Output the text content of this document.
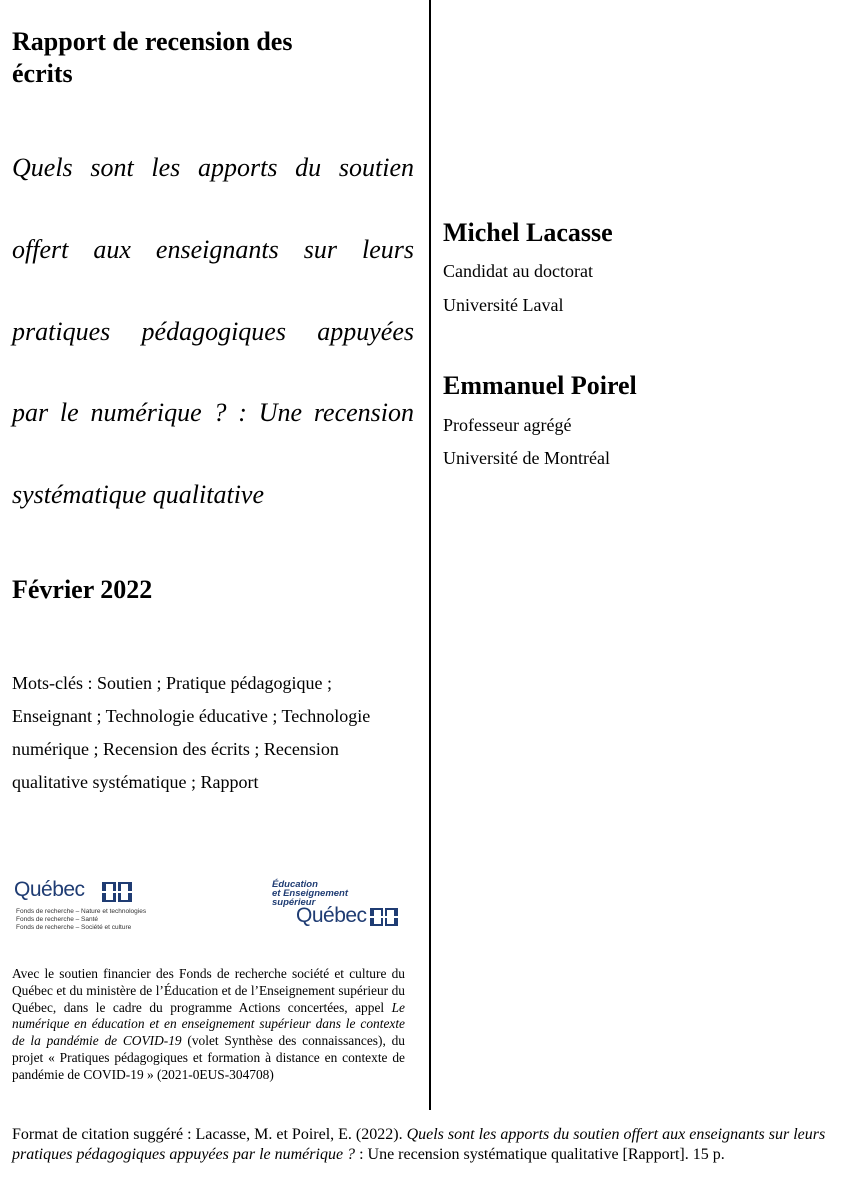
Rapport de recension des
écrits
Quels sont les apports du soutien
offert aux enseignants sur leurs
pratiques pédagogiques appuyées
par le numérique ? : Une recension
systématique qualitative
Février 2022
Mots-clés : Soutien ; Pratique pédagogique ;
Enseignant ; Technologie éducative ; Technologie
numérique ; Recension des écrits ; Recension
qualitative systématique ; Rapport
Québec
Fonds de recherche – Nature et technologies
Fonds de recherche – Santé
Fonds de recherche – Société et culture
Éducation
et Enseignement
supérieur
Québec
Avec le soutien financier des Fonds de recherche société et culture du Québec et du ministère de l’Éducation et de l’Enseignement supérieur du Québec, dans le cadre du programme Actions concertées, appel Le numérique en éducation et en enseignement supérieur dans le contexte de la pandémie de COVID-19 (volet Synthèse des connaissances), du projet « Pratiques pédagogiques et formation à distance en contexte de pandémie de COVID-19 » (2021-0EUS-304708)
Michel Lacasse
Candidat au doctorat
Université Laval
Emmanuel Poirel
Professeur agrégé
Université de Montréal
Format de citation suggéré : Lacasse, M. et Poirel, E. (2022). Quels sont les apports du soutien offert aux enseignants sur leurs pratiques pédagogiques appuyées par le numérique ? : Une recension systématique qualitative [Rapport]. 15 p.
